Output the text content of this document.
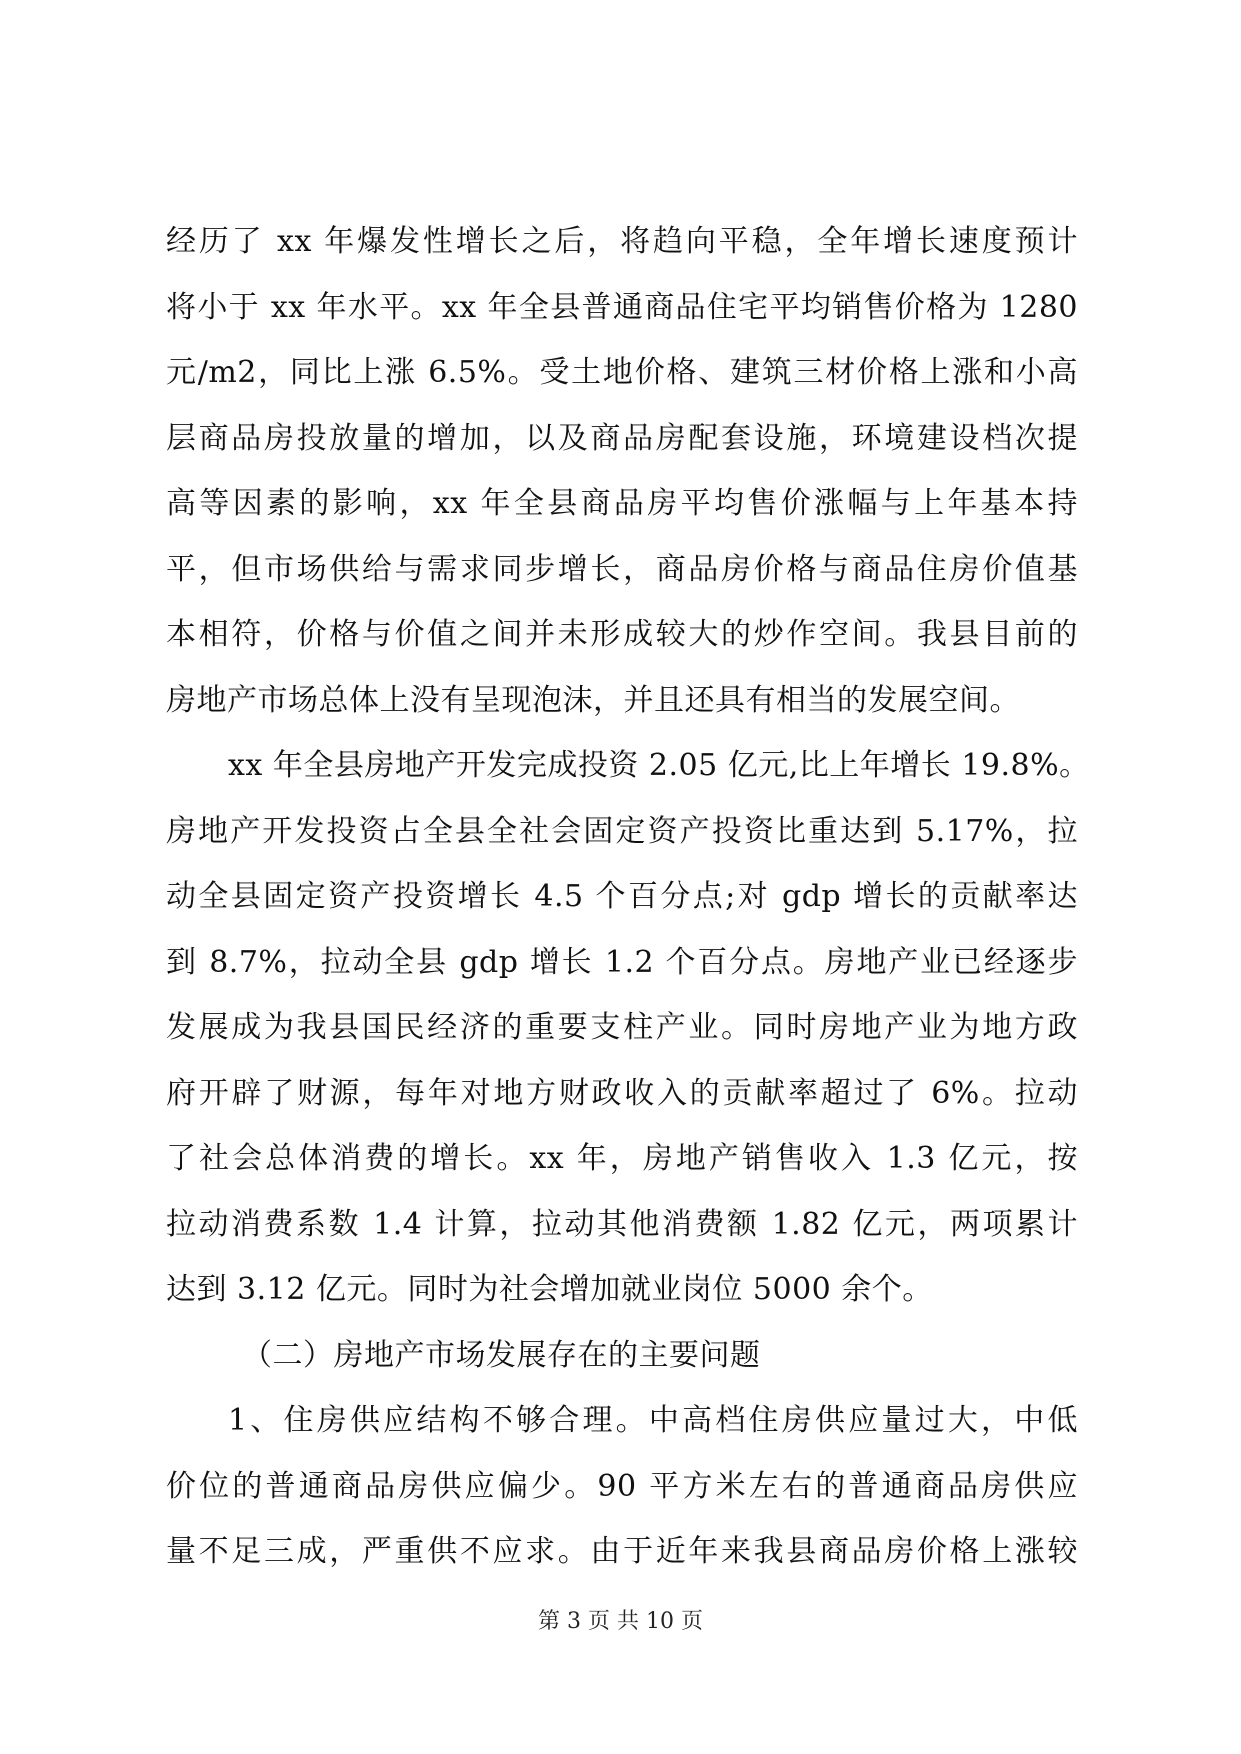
经历了 xx 年爆发性增长之后，将趋向平稳，全年增长速度预计
将小于 xx 年水平。xx 年全县普通商品住宅平均销售价格为 1280
元/m2，同比上涨 6.5%。受土地价格、建筑三材价格上涨和小高
层商品房投放量的增加，以及商品房配套设施，环境建设档次提
高等因素的影响，xx 年全县商品房平均售价涨幅与上年基本持
平，但市场供给与需求同步增长，商品房价格与商品住房价值基
本相符，价格与价值之间并未形成较大的炒作空间。我县目前的
房地产市场总体上没有呈现泡沫，并且还具有相当的发展空间。
xx 年全县房地产开发完成投资 2.05 亿元,比上年增长 19.8%。
房地产开发投资占全县全社会固定资产投资比重达到 5.17%，拉
动全县固定资产投资增长 4.5 个百分点;对 gdp 增长的贡献率达
到 8.7%，拉动全县 gdp 增长 1.2 个百分点。房地产业已经逐步
发展成为我县国民经济的重要支柱产业。同时房地产业为地方政
府开辟了财源，每年对地方财政收入的贡献率超过了 6%。拉动
了社会总体消费的增长。xx 年，房地产销售收入 1.3 亿元，按
拉动消费系数 1.4 计算，拉动其他消费额 1.82 亿元，两项累计
达到 3.12 亿元。同时为社会增加就业岗位 5000 余个。
（二）房地产市场发展存在的主要问题
1、住房供应结构不够合理。中高档住房供应量过大，中低
价位的普通商品房供应偏少。90 平方米左右的普通商品房供应
量不足三成，严重供不应求。由于近年来我县商品房价格上涨较
第 3 页 共 10 页
